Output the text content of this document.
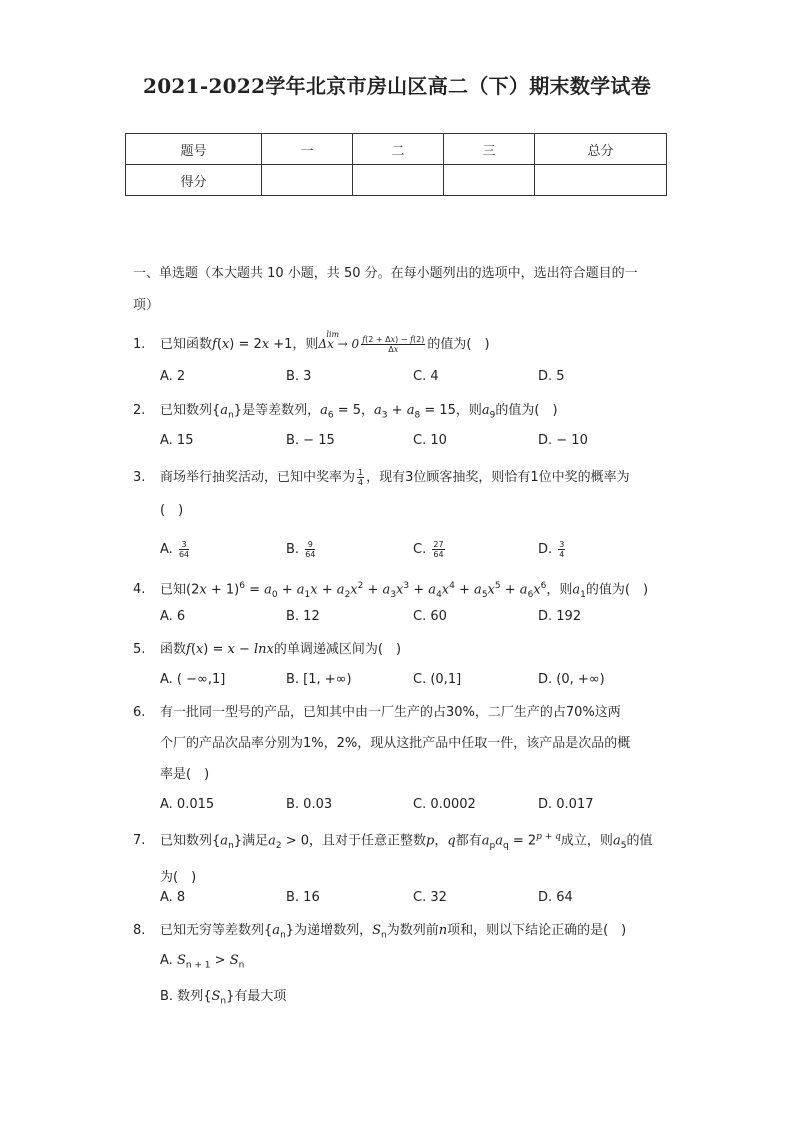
2021-2022学年北京市房山区高二（下）期末数学试卷
题号	一	二	三	总分
得分				
一、单选题（本大题共 10 小题，共 50 分。在每小题列出的选项中，选出符合题目的一
项）
1. 已知函数f(x) = 2x +1，则
lim
$\Delta x \to 0 \frac{f(2 + \Delta x) - f(2)}{\Delta x}$ 的值为(　)
A. 2	B. 3	C. 4	D. 5
2. 已知数列$\{a_n\}$是等差数列，$a_6 = 5$，$a_3 + a_8 = 15$，则$a_9$的值为(　)
A. 15	B. − 15	C. 10	D. − 10
3. 商场举行抽奖活动，已知中奖率为 $\frac{1}{4}$ ，现有3位顾客抽奖，则恰有1位中奖的概率为
(　)
A. $\frac{3}{64}$	B. $\frac{9}{64}$	C. $\frac{27}{64}$	D. $\frac{3}{4}$
4. 已知$(2x + 1)^6 = a_0 + a_1x + a_2x^2 + a_3x^3 + a_4x^4 + a_5x^5 + a_6x^6$，则$a_1$的值为(　)
A. 6	B. 12	C. 60	D. 192
5. 函数f(x) = x − lnx的单调递减区间为(　)
A. ( −∞,1]	B. [1, +∞)	C. (0,1]	D. (0, +∞)
6. 有一批同一型号的产品，已知其中由一厂生产的占30%，二厂生产的占70%这两
个厂的产品次品率分别为1%，2%，现从这批产品中任取一件，该产品是次品的概
率是(　)
A. 0.015	B. 0.03	C. 0.0002	D. 0.017
7. 已知数列$\{a_n\}$满足$a_2 > 0$，且对于任意正整数p，q都有$a_pa_q = 2^{p + q}$成立，则$a_5$的值
为(　)
A. 8	B. 16	C. 32	D. 64
8. 已知无穷等差数列$\{a_n\}$为递增数列，$S_n$为数列前n项和，则以下结论正确的是(　)
A. $S_{n + 1} > S_n$
B. 数列$\{S_n\}$有最大项
